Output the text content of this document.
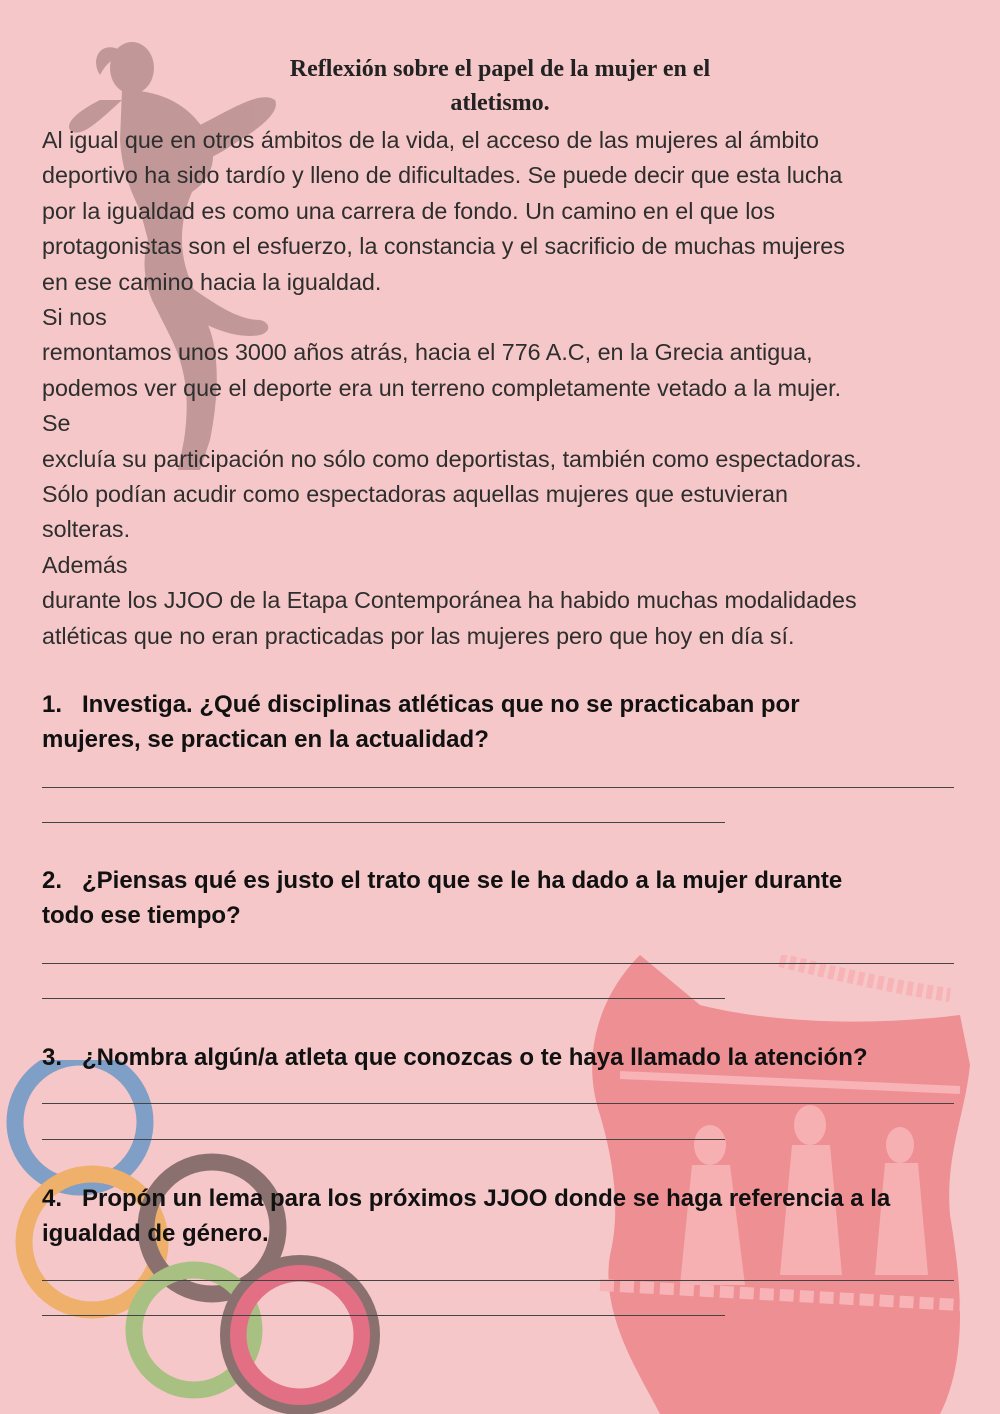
Reflexión sobre el papel de la mujer en el
atletismo.
Al igual que en otros ámbitos de la vida, el acceso de las mujeres al ámbito
deportivo ha sido tardío y lleno de dificultades. Se puede decir que esta lucha
por la igualdad es como una carrera de fondo. Un camino en el que los
protagonistas son el esfuerzo, la constancia y el sacrificio de muchas mujeres
en ese camino hacia la igualdad.
Si nos
remontamos unos 3000 años atrás, hacia el 776 A.C, en la Grecia antigua,
podemos ver que el deporte era un terreno completamente vetado a la mujer.
Se
excluía su participación no sólo como deportistas, también como espectadoras.
Sólo podían acudir como espectadoras aquellas mujeres que estuvieran
solteras.
Además
durante los JJOO de la Etapa Contemporánea ha habido muchas modalidades
atléticas que no eran practicadas por las mujeres pero que hoy en día sí.
1. Investiga. ¿Qué disciplinas atléticas que no se practicaban por
mujeres, se practican en la actualidad?
2. ¿Piensas qué es justo el trato que se le ha dado a la mujer durante
todo ese tiempo?
3. ¿Nombra algún/a atleta que conozcas o te haya llamado la atención?
4. Propón un lema para los próximos JJOO donde se haga referencia a la
igualdad de género.
